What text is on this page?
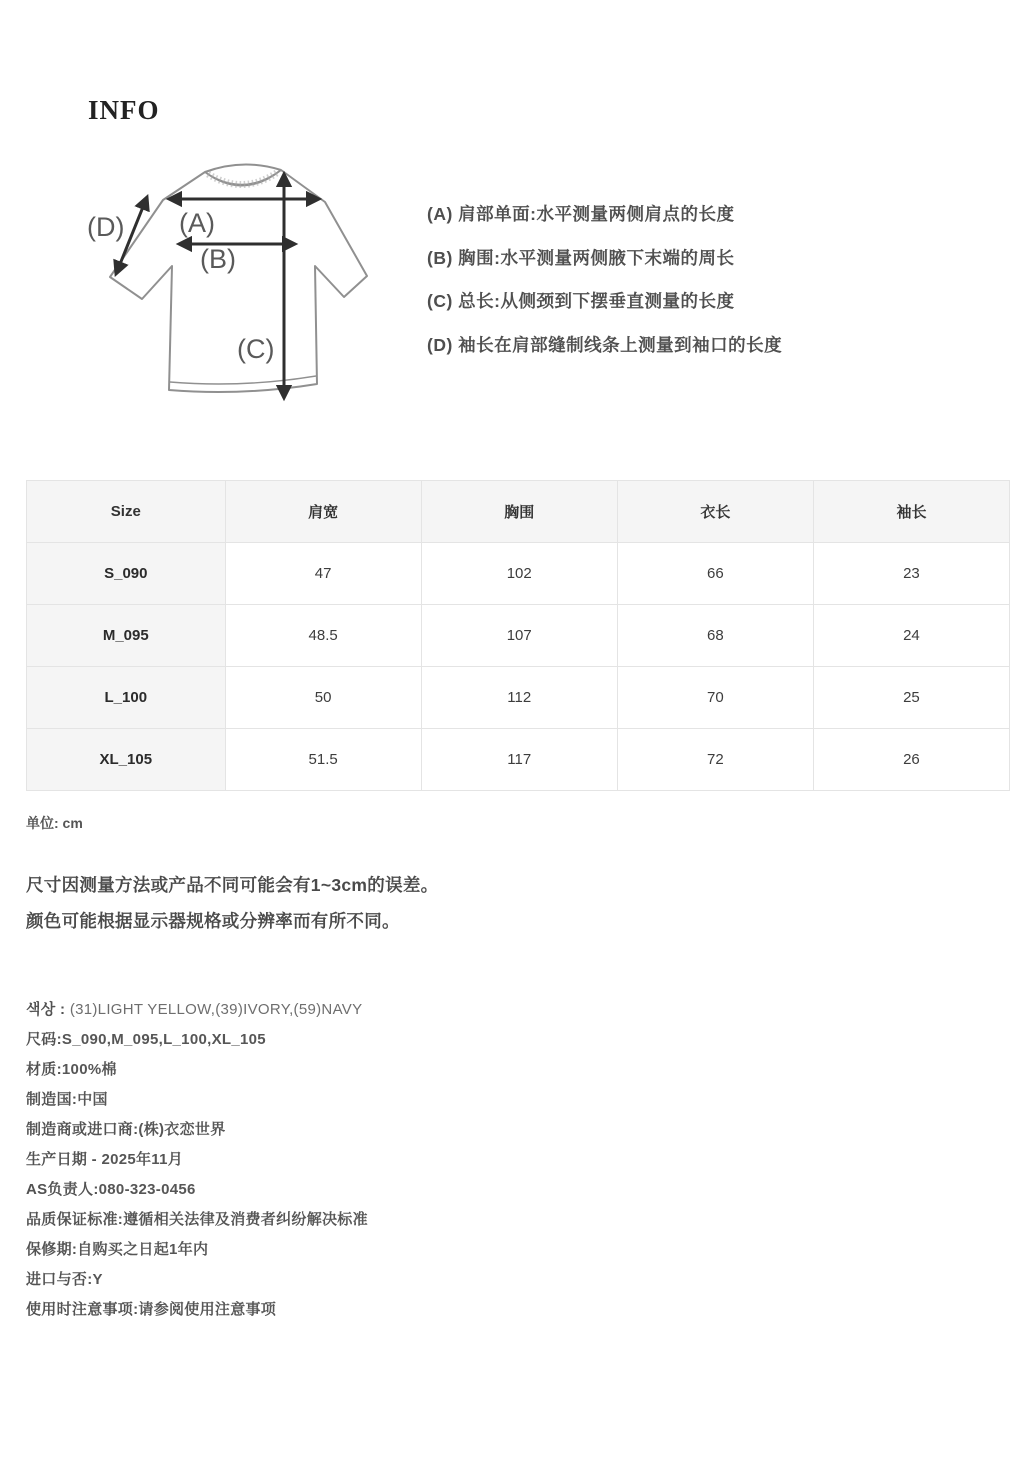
INFO
(A)
(B)
(C)
(D)	(A) 肩部单面:水平测量两侧肩点的长度
(B) 胸围:水平测量两侧腋下末端的周长
(C) 总长:从侧颈到下摆垂直测量的长度
(D) 袖长在肩部缝制线条上测量到袖口的长度
Size	肩宽	胸围	衣长	袖长
S_090	47	102	66	23
M_095	48.5	107	68	24
L_100	50	112	70	25
XL_105	51.5	117	72	26
单位: cm
尺寸因测量方法或产品不同可能会有1~3cm的误差。
颜色可能根据显示器规格或分辨率而有所不同。
색상 : (31)LIGHT YELLOW,(39)IVORY,(59)NAVY
尺码:S_090,M_095,L_100,XL_105
材质:100%棉
制造国:中国
制造商或进口商:(株)衣恋世界
生产日期 - 2025年11月
AS负责人:080-323-0456
品质保证标准:遵循相关法律及消费者纠纷解决标准
保修期:自购买之日起1年内
进口与否:Y
使用时注意事项:请参阅使用注意事项
